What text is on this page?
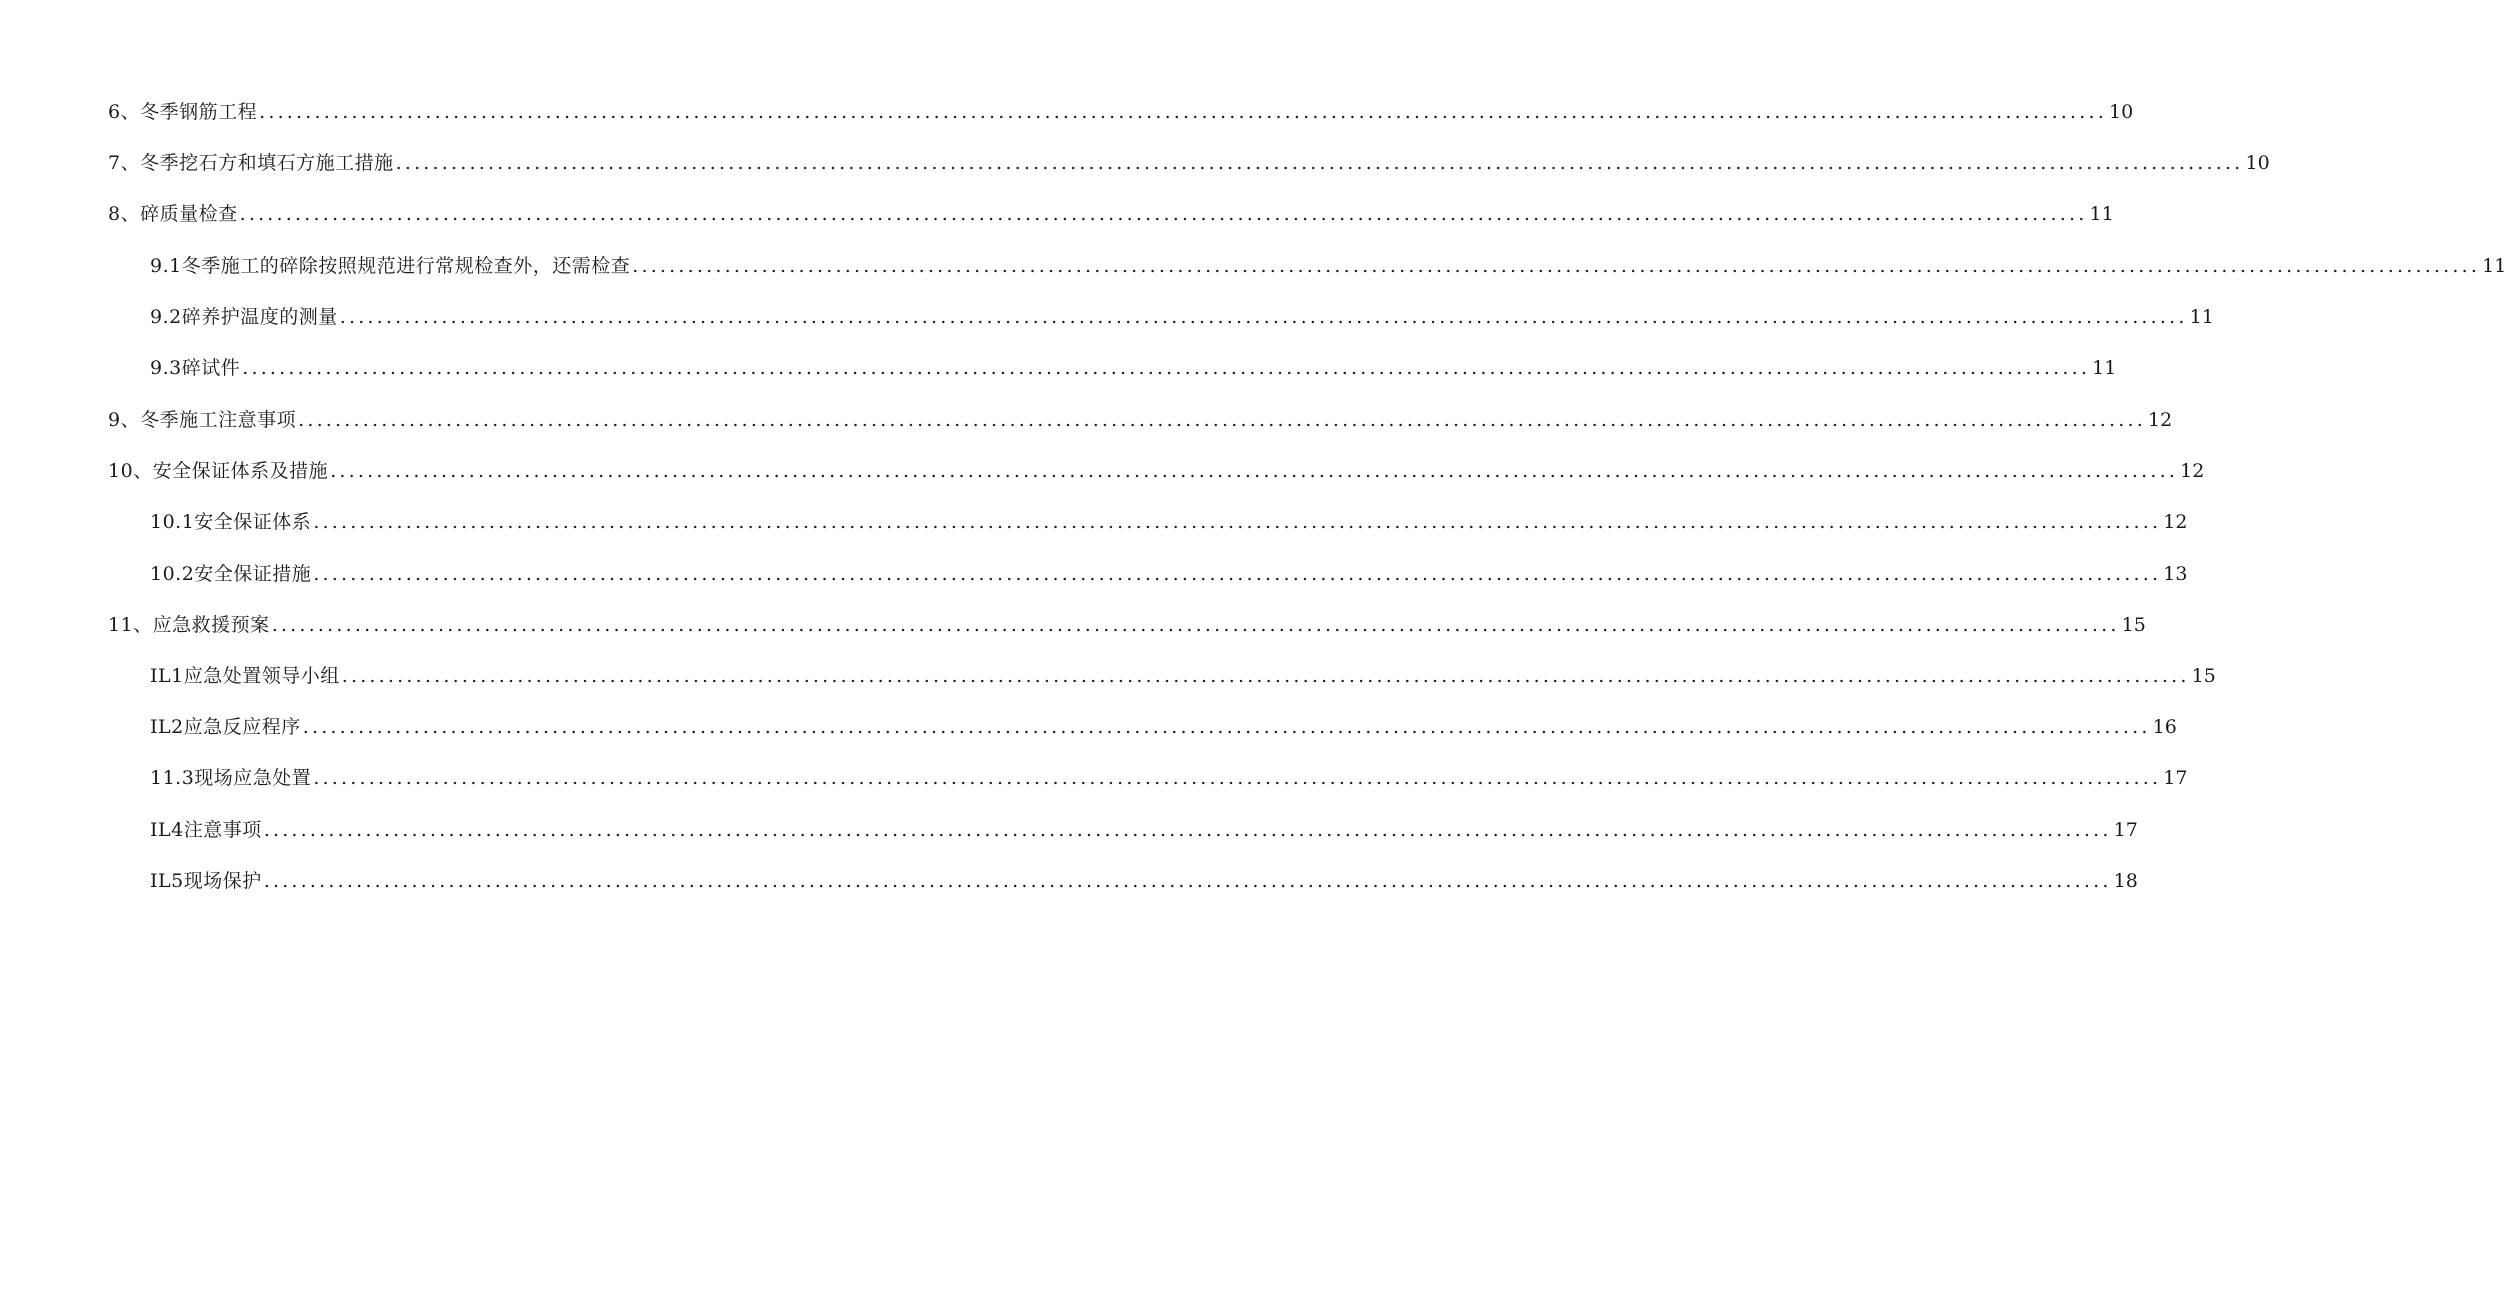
6、冬季钢筋工程 ........................................................................................................................................................................................................ 10
7、冬季挖石方和填石方施工措施 ........................................................................................................................................................................................................ 10
8、碎质量检查 ........................................................................................................................................................................................................ 11
9.1冬季施工的碎除按照规范进行常规检查外，还需检查 ........................................................................................................................................................................................................ 11
9.2碎养护温度的测量 ........................................................................................................................................................................................................ 11
9.3碎试件 ........................................................................................................................................................................................................ 11
9、冬季施工注意事项 ........................................................................................................................................................................................................ 12
10、安全保证体系及措施 ........................................................................................................................................................................................................ 12
10.1安全保证体系 ........................................................................................................................................................................................................ 12
10.2安全保证措施 ........................................................................................................................................................................................................ 13
11、应急救援预案 ........................................................................................................................................................................................................ 15
IL1应急处置领导小组 ........................................................................................................................................................................................................ 15
IL2应急反应程序 ........................................................................................................................................................................................................ 16
11.3现场应急处置 ........................................................................................................................................................................................................ 17
IL4注意事项 ........................................................................................................................................................................................................ 17
IL5现场保护 ........................................................................................................................................................................................................ 18
